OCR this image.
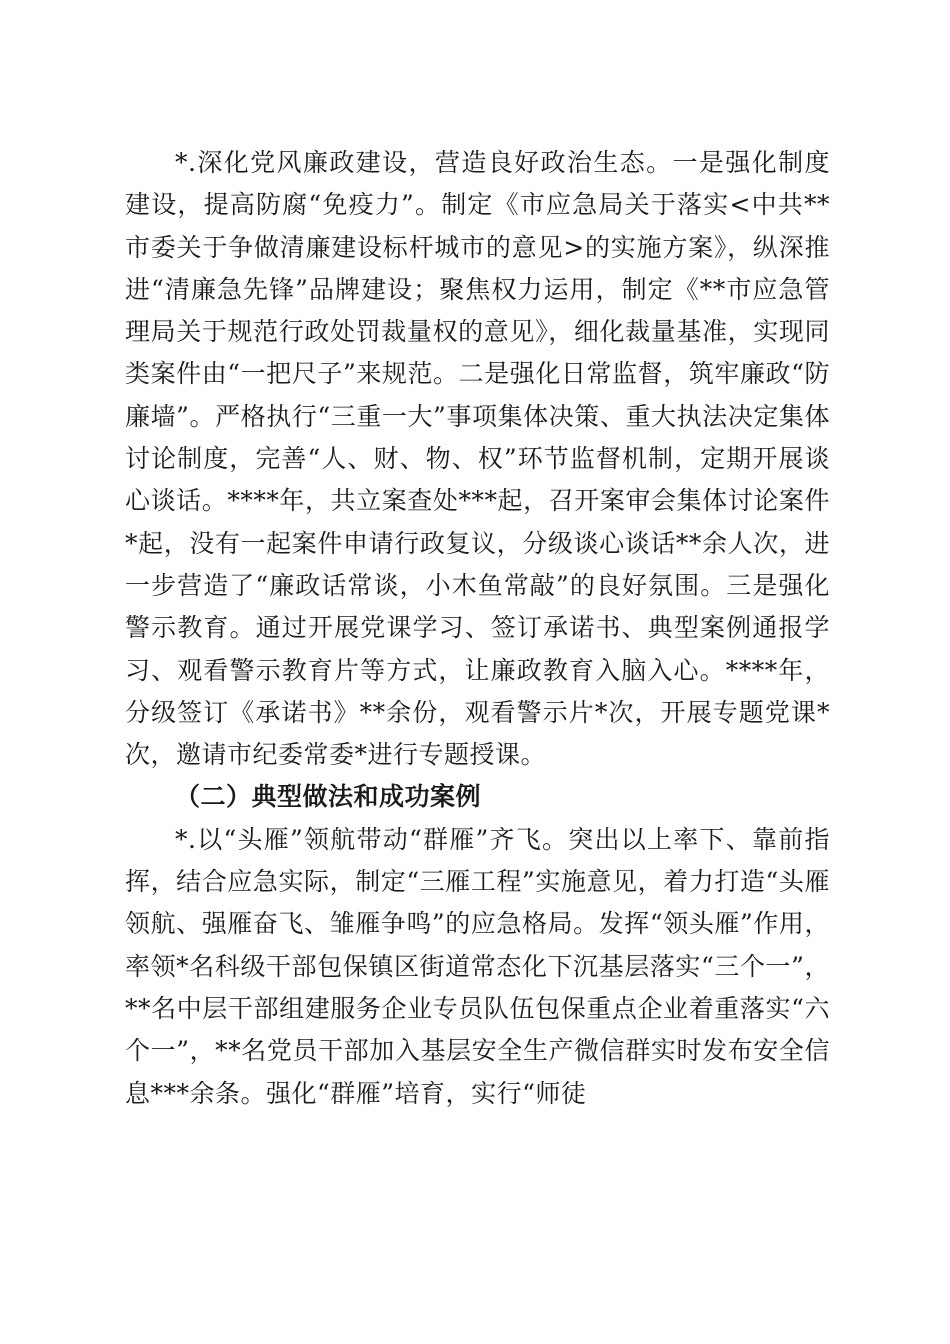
*.深化党风廉政建设，营造良好政治生态。一是强化制度建设，提高防腐“免疫力”。制定《市应急局关于落实<中共**市委关于争做清廉建设标杆城市的意见>的实施方案》，纵深推进“清廉急先锋”品牌建设；聚焦权力运用，制定《**市应急管理局关于规范行政处罚裁量权的意见》，细化裁量基准，实现同类案件由“一把尺子”来规范。二是强化日常监督，筑牢廉政“防廉墙”。严格执行“三重一大”事项集体决策、重大执法决定集体讨论制度，完善“人、财、物、权”环节监督机制，定期开展谈心谈话。****年，共立案查处***起，召开案审会集体讨论案件*起，没有一起案件申请行政复议，分级谈心谈话**余人次，进一步营造了“廉政话常谈，小木鱼常敲”的良好氛围。三是强化警示教育。通过开展党课学习、签订承诺书、典型案例通报学习、观看警示教育片等方式，让廉政教育入脑入心。****年，分级签订《承诺书》**余份，观看警示片*次，开展专题党课*次，邀请市纪委常委*进行专题授课。

（二）典型做法和成功案例

*.以“头雁”领航带动“群雁”齐飞。突出以上率下、靠前指挥，结合应急实际，制定“三雁工程”实施意见，着力打造“头雁领航、强雁奋飞、雏雁争鸣”的应急格局。发挥“领头雁”作用，率领*名科级干部包保镇区街道常态化下沉基层落实“三个一”，**名中层干部组建服务企业专员队伍包保重点企业着重落实“六个一”，**名党员干部加入基层安全生产微信群实时发布安全信息***余条。强化“群雁”培育，实行“师徒
